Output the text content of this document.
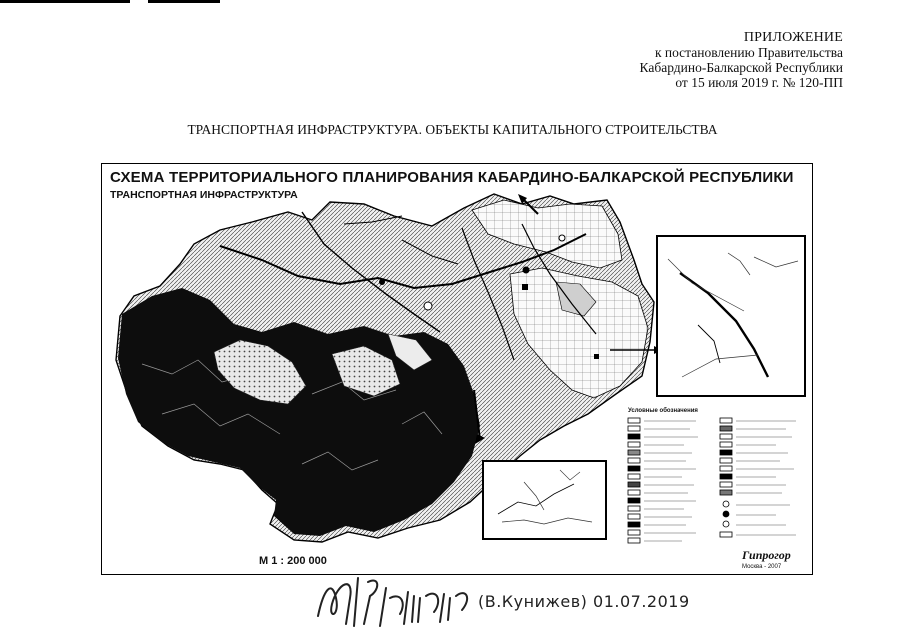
ПРИЛОЖЕНИЕ
к постановлению Правительства
Кабардино-Балкарской Республики
от 15 июля 2019 г. № 120-ПП
ТРАНСПОРТНАЯ ИНФРАСТРУКТУРА. ОБЪЕКТЫ КАПИТАЛЬНОГО СТРОИТЕЛЬСТВА
СХЕМА ТЕРРИТОРИАЛЬНОГО ПЛАНИРОВАНИЯ КАБАРДИНО-БАЛКАРСКОЙ РЕСПУБЛИКИ
ТРАНСПОРТНАЯ ИНФРАСТРУКТУРА
Условные обозначения
М 1 : 200 000	Гипрогор
Москва - 2007
(В.Кунижев) 01.07.2019
